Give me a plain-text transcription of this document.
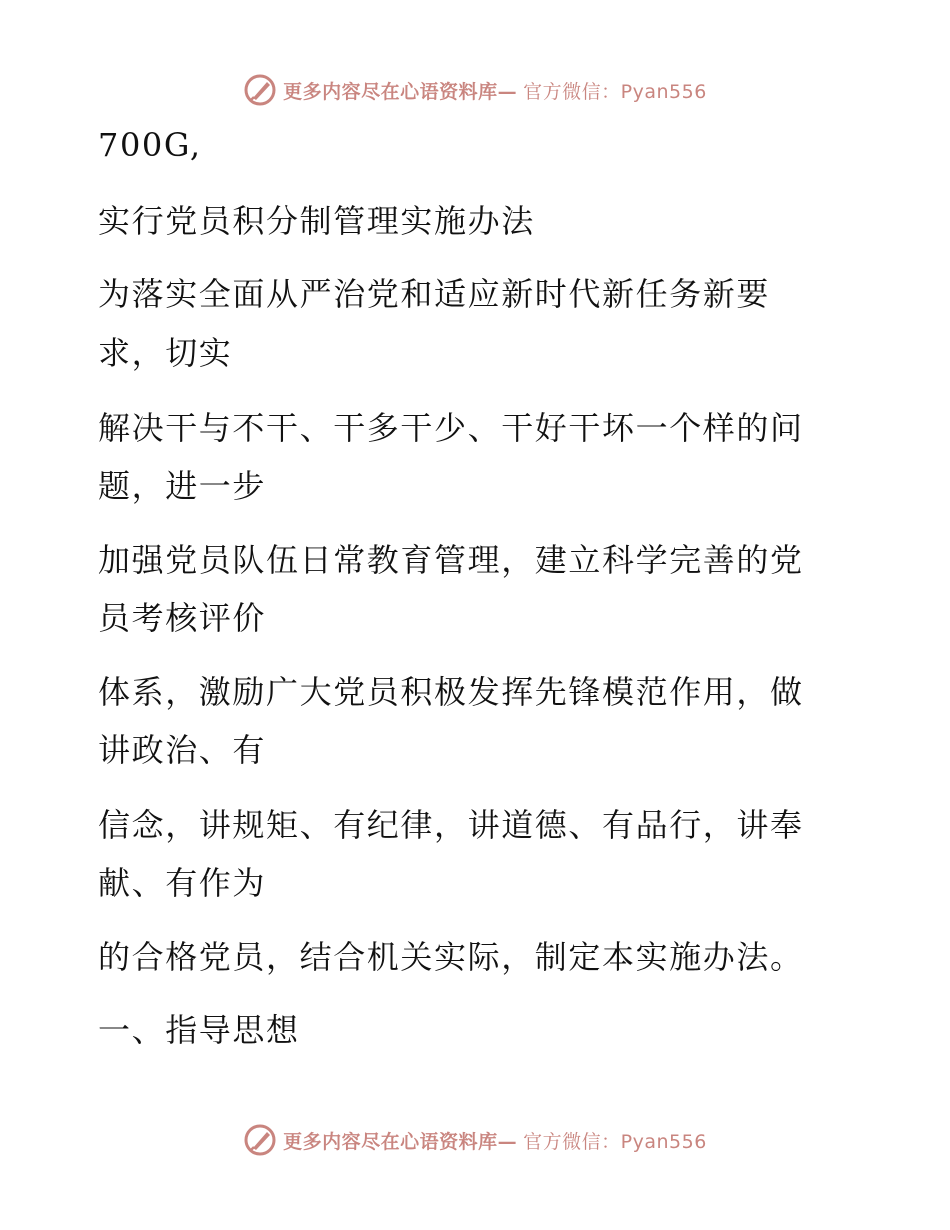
更多内容尽在心语资料库— 官方微信：Pyan556
700G,
实行党员积分制管理实施办法
为落实全面从严治党和适应新时代新任务新要
求，切实
解决干与不干、干多干少、干好干坏一个样的问
题，进一步
加强党员队伍日常教育管理，建立科学完善的党
员考核评价
体系，激励广大党员积极发挥先锋模范作用，做
讲政治、有
信念，讲规矩、有纪律，讲道德、有品行，讲奉
献、有作为
的合格党员，结合机关实际，制定本实施办法。
一、指导思想
更多内容尽在心语资料库— 官方微信：Pyan556
